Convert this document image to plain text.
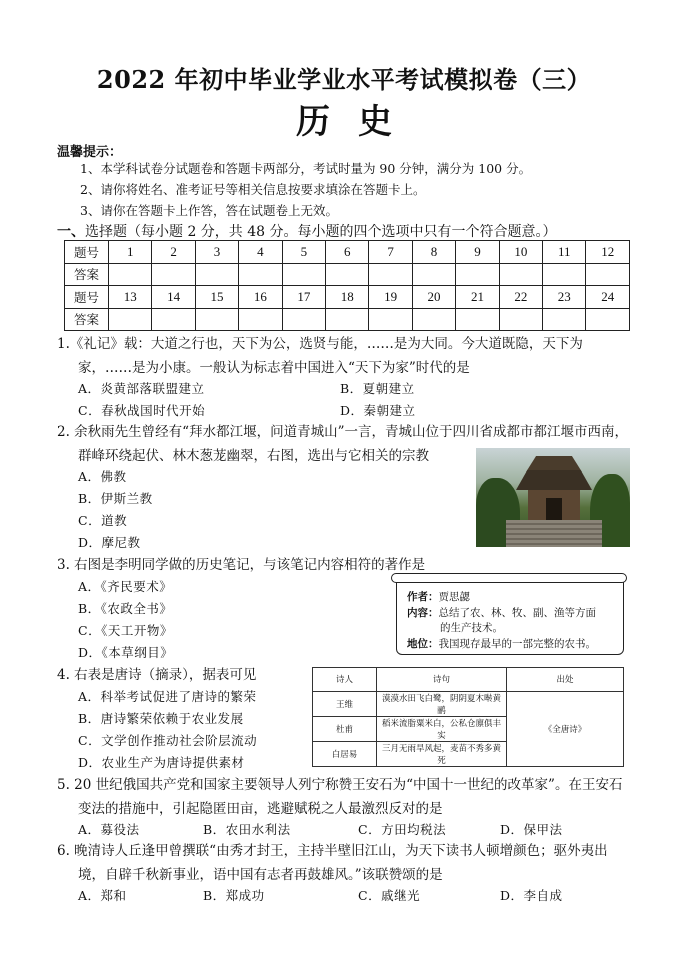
2022 年初中毕业学业水平考试模拟卷（三）
历史
温馨提示：
1、本学科试卷分试题卷和答题卡两部分，考试时量为 90 分钟，满分为 100 分。
2、请你将姓名、准考证号等相关信息按要求填涂在答题卡上。
3、请你在答题卡上作答，答在试题卷上无效。
一、选择题（每小题 2 分，共 48 分。每小题的四个选项中只有一个符合题意。）
题号	1	2	3	4	5	6	7	8	9	10	11	12
答案												
题号	13	14	15	16	17	18	19	20	21	22	23	24
答案												
1.《礼记》载：大道之行也，天下为公，选贤与能，……是为大同。今大道既隐，天下为
家，……是为小康。一般认为标志着中国进入“天下为家”时代的是
A．炎黄部落联盟建立	B．夏朝建立
C．春秋战国时代开始	D．秦朝建立
2. 余秋雨先生曾经有“拜水都江堰，问道青城山”一言，青城山位于四川省成都市都江堰市西南，
群峰环绕起伏、林木葱茏幽翠，右图，选出与它相关的宗教
A．佛教
B．伊斯兰教
C．道教
D．摩尼教
3. 右图是李明同学做的历史笔记，与该笔记内容相符的著作是
A．《齐民要术》
B．《农政全书》
C．《天工开物》
D．《本草纲目》
作者：贾思勰
内容：总结了农、林、牧、副、渔等方面
的生产技术。
地位：我国现存最早的一部完整的农书。
4. 右表是唐诗（摘录），据表可见
A．科举考试促进了唐诗的繁荣
B．唐诗繁荣依赖于农业发展
C．文学创作推动社会阶层流动
D．农业生产为唐诗提供素材
诗人	诗句	出处
王维	漠漠水田飞白鹭，阴阴夏木啭黄鹂	《全唐诗》
杜甫	稻米流脂粟米白，公私仓廪俱丰实	
白居易	三月无雨旱风起，麦苗不秀多黄死	
5. 20 世纪俄国共产党和国家主要领导人列宁称赞王安石为“中国十一世纪的改革家”。在王安石
变法的措施中，引起隐匿田亩，逃避赋税之人最激烈反对的是
A．募役法	B．农田水利法	C．方田均税法	D．保甲法
6. 晚清诗人丘逢甲曾撰联“由秀才封王，主持半壁旧江山，为天下读书人顿增颜色；驱外夷出
境，自辟千秋新事业，语中国有志者再鼓雄风。”该联赞颂的是
A．郑和	B．郑成功	C．戚继光	D．李自成
